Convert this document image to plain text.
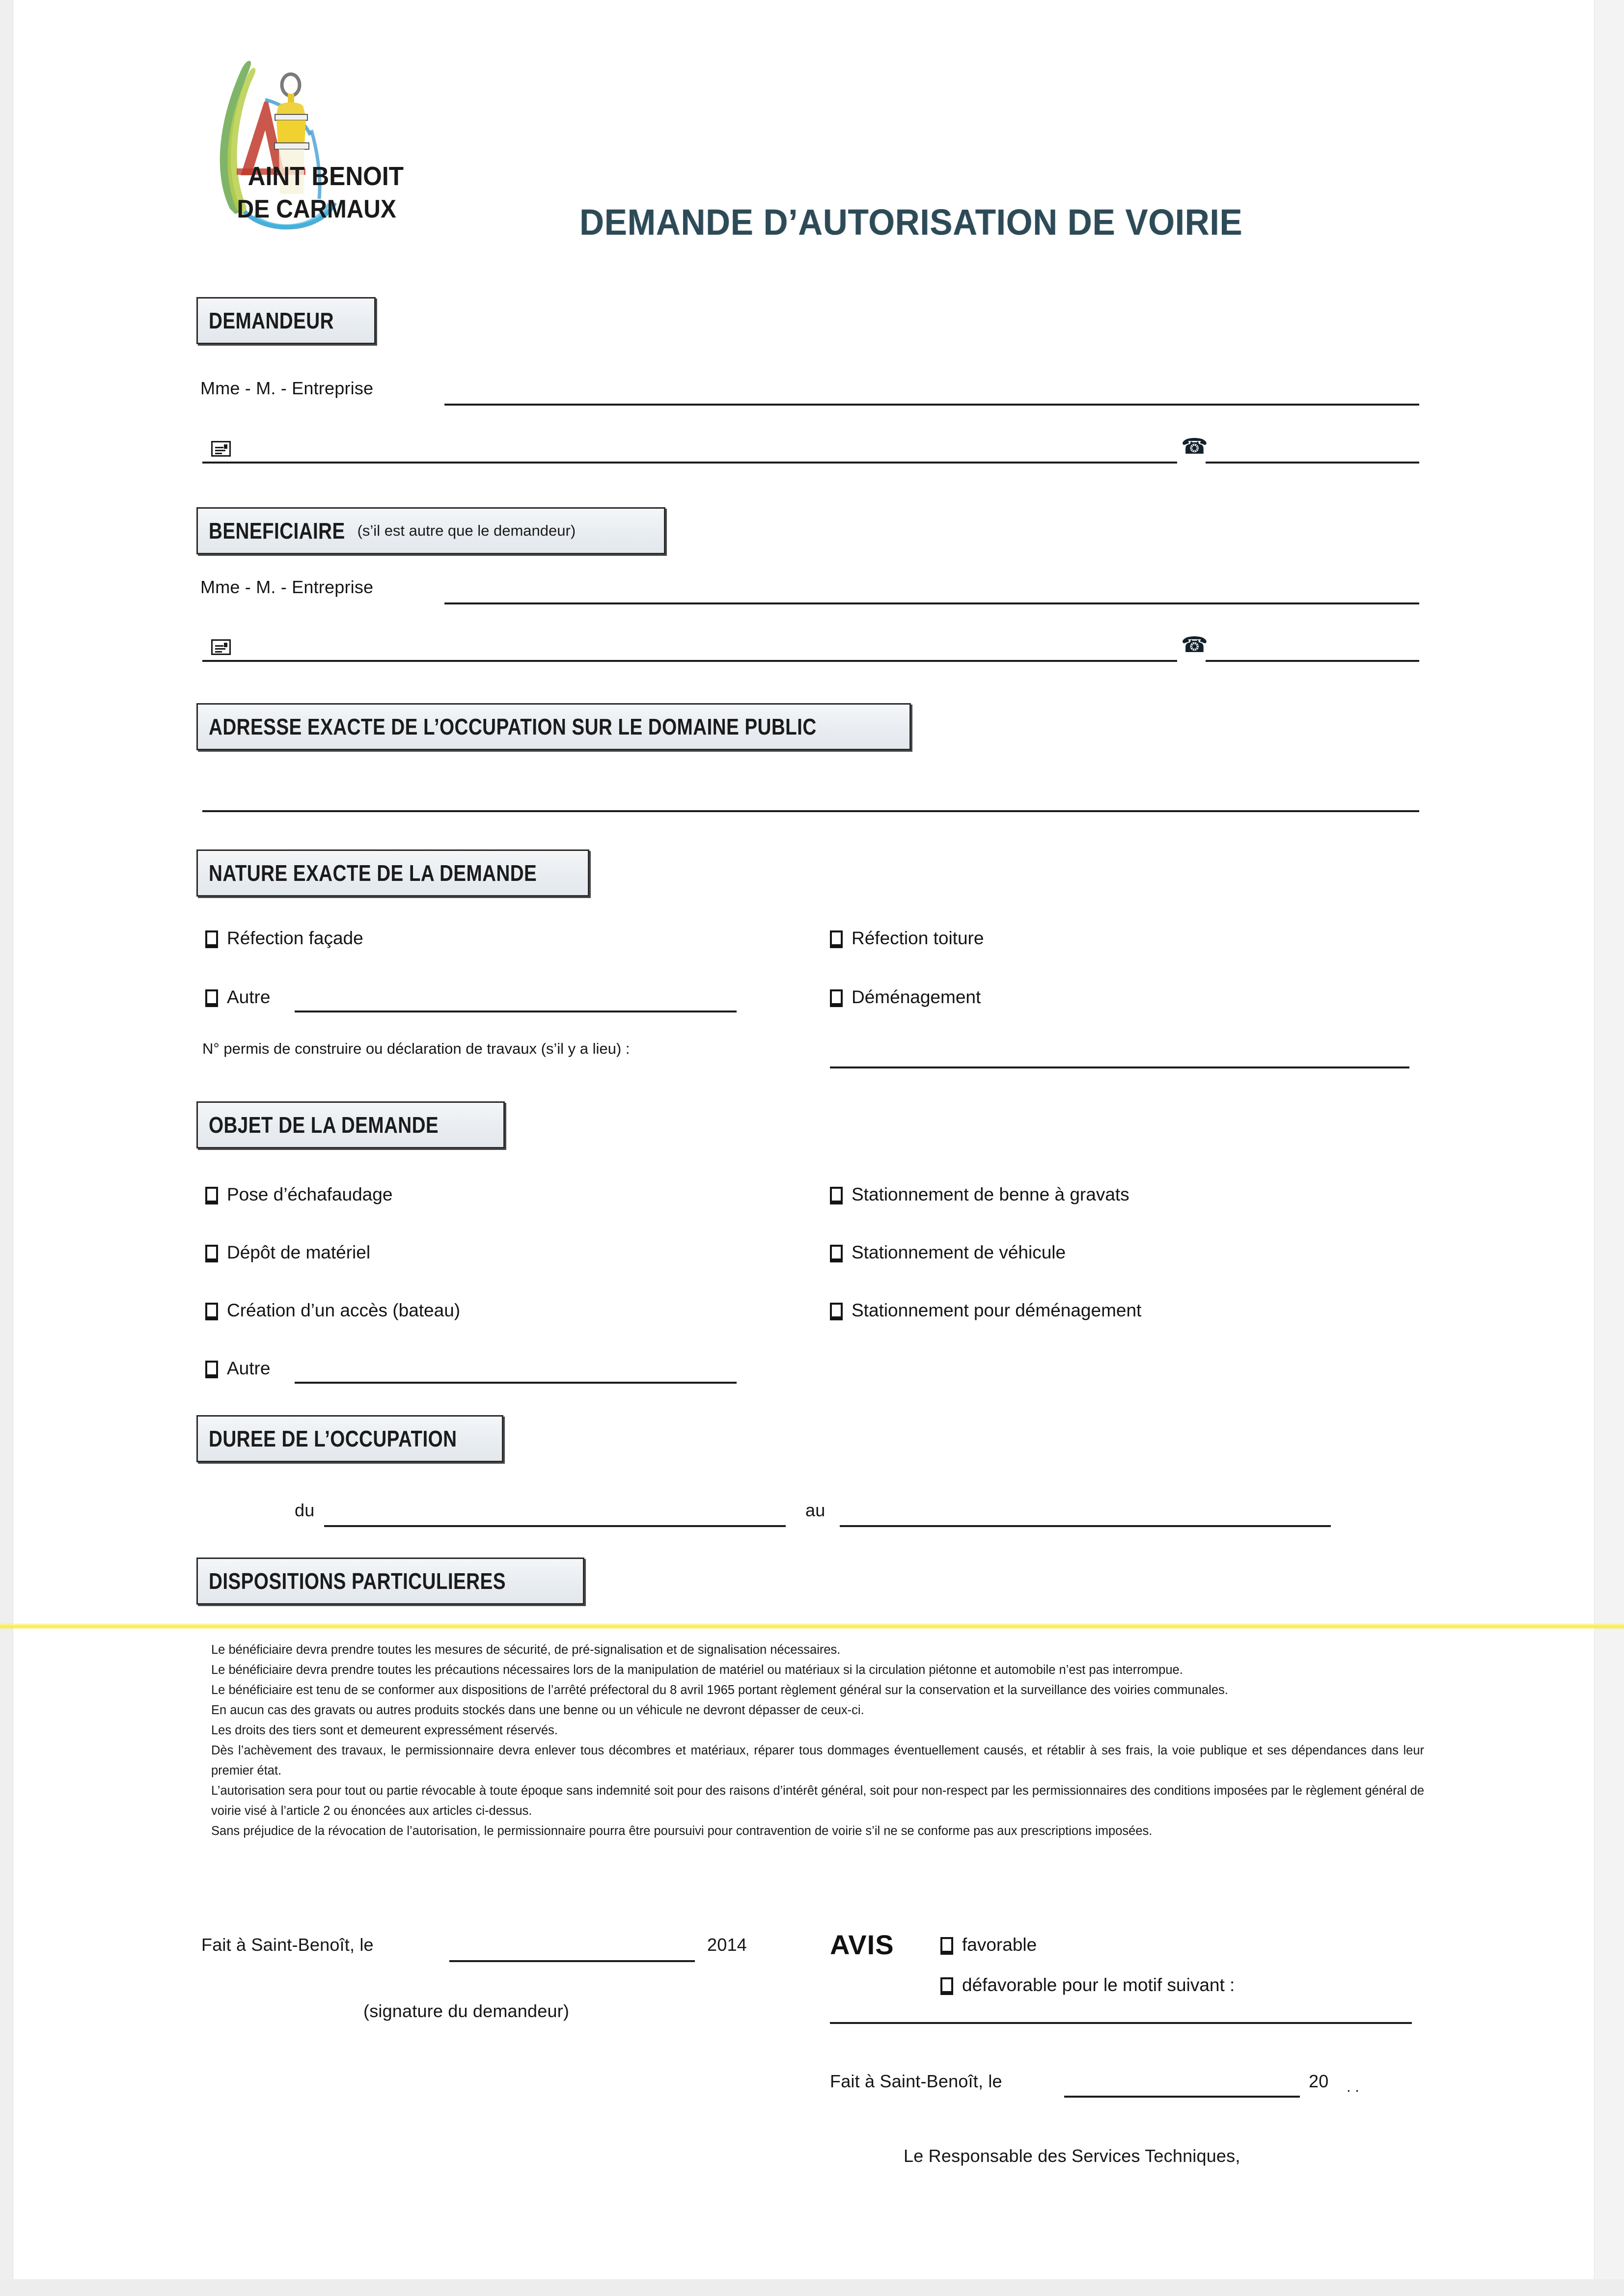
AINT BENOIT
DE CARMAUX	DEMANDE D’AUTORISATION DE VOIRIE
DEMANDEUR
Mme - M. - Entreprise
☎
BENEFICIAIRE (s’il est autre que le demandeur)
Mme - M. - Entreprise
☎
ADRESSE EXACTE DE L’OCCUPATION SUR LE DOMAINE PUBLIC
NATURE EXACTE DE LA DEMANDE
Réfection façade	Réfection toiture
Autre	Déménagement
N° permis de construire ou déclaration de travaux (s’il y a lieu) :
OBJET DE LA DEMANDE
Pose d’échafaudage	Stationnement de benne à gravats
Dépôt de matériel	Stationnement de véhicule
Création d’un accès (bateau)	Stationnement pour déménagement
Autre
DUREE DE L’OCCUPATION
du	au
DISPOSITIONS PARTICULIERES

Le bénéficiaire devra prendre toutes les mesures de sécurité, de pré-signalisation et de signalisation nécessaires.

Le bénéficiaire devra prendre toutes les précautions nécessaires lors de la manipulation de matériel ou matériaux si la circulation piétonne et automobile n’est pas interrompue.

Le bénéficiaire est tenu de se conformer aux dispositions de l’arrêté préfectoral du 8 avril 1965 portant règlement général sur la conservation et la surveillance des voiries communales.

En aucun cas des gravats ou autres produits stockés dans une benne ou un véhicule ne devront dépasser de ceux-ci.

Les droits des tiers sont et demeurent expressément réservés.

Dès l’achèvement des travaux, le permissionnaire devra enlever tous décombres et matériaux, réparer tous dommages éventuellement causés, et rétablir à ses frais, la voie publique et ses dépendances dans leur premier état.

L’autorisation sera pour tout ou partie révocable à toute époque sans indemnité soit pour des raisons d’intérêt général, soit pour non-respect par les permissionnaires des conditions imposées par le règlement général de voirie visé à l’article 2 ou énoncées aux articles ci-dessus.

Sans préjudice de la révocation de l’autorisation, le permissionnaire pourra être poursuivi pour contravention de voirie s’il ne se conforme pas aux prescriptions imposées.

Fait à Saint-Benoît, le	2014
(signature du demandeur)
AVIS	favorable
défavorable pour le motif suivant :
Fait à Saint-Benoît, le	20 . .
Le Responsable des Services Techniques,
